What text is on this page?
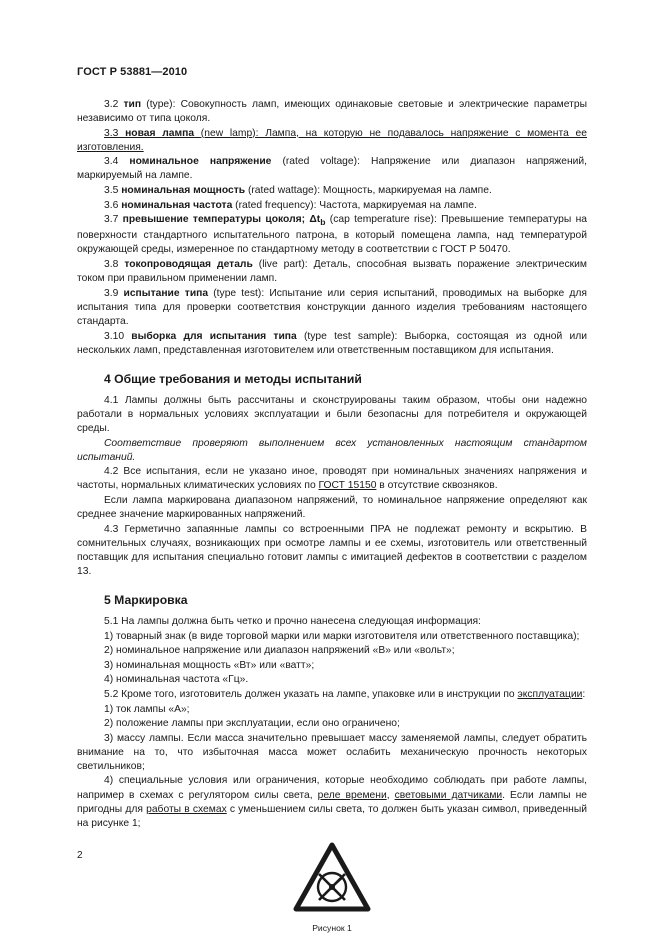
ГОСТ Р 53881—2010

3.2 тип (type): Совокупность ламп, имеющих одинаковые световые и электрические параметры независимо от типа цоколя.

3.3 новая лампа (new lamp): Лампа, на которую не подавалось напряжение с момента ее изготовления.

3.4 номинальное напряжение (rated voltage): Напряжение или диапазон напряжений, маркируемый на лампе.

3.5 номинальная мощность (rated wattage): Мощность, маркируемая на лампе.

3.6 номинальная частота (rated frequency): Частота, маркируемая на лампе.

3.7 превышение температуры цоколя; $\Delta t_b$ (cap temperature rise): Превышение температуры на поверхности стандартного испытательного патрона, в который помещена лампа, над температурой окружающей среды, измеренное по стандартному методу в соответствии с ГОСТ Р 50470.

3.8 токопроводящая деталь (live part): Деталь, способная вызвать поражение электрическим током при правильном применении ламп.

3.9 испытание типа (type test): Испытание или серия испытаний, проводимых на выборке для испытания типа для проверки соответствия конструкции данного изделия требованиям настоящего стандарта.

3.10 выборка для испытания типа (type test sample): Выборка, состоящая из одной или нескольких ламп, представленная изготовителем или ответственным поставщиком для испытания.

4 Общие требования и методы испытаний

4.1 Лампы должны быть рассчитаны и сконструированы таким образом, чтобы они надежно работали в нормальных условиях эксплуатации и были безопасны для потребителя и окружающей среды.

Соответствие проверяют выполнением всех установленных настоящим стандартом испытаний.

4.2 Все испытания, если не указано иное, проводят при номинальных значениях напряжения и частоты, нормальных климатических условиях по ГОСТ 15150 в отсутствие сквозняков.

Если лампа маркирована диапазоном напряжений, то номинальное напряжение определяют как среднее значение маркированных напряжений.

4.3 Герметично запаянные лампы со встроенными ПРА не подлежат ремонту и вскрытию. В сомнительных случаях, возникающих при осмотре лампы и ее схемы, изготовитель или ответственный поставщик для испытания специально готовит лампы с имитацией дефектов в соответствии с разделом 13.

5 Маркировка

5.1 На лампы должна быть четко и прочно нанесена следующая информация:

1) товарный знак (в виде торговой марки или марки изготовителя или ответственного поставщика);

2) номинальное напряжение или диапазон напряжений «В» или «вольт»;

3) номинальная мощность «Вт» или «ватт»;

4) номинальная частота «Гц».

5.2 Кроме того, изготовитель должен указать на лампе, упаковке или в инструкции по эксплуатации:

1) ток лампы «А»;

2) положение лампы при эксплуатации, если оно ограничено;

3) массу лампы. Если масса значительно превышает массу заменяемой лампы, следует обратить внимание на то, что избыточная масса может ослабить механическую прочность некоторых светильников;

4) специальные условия или ограничения, которые необходимо соблюдать при работе лампы, например в схемах с регулятором силы света, реле времени, световыми датчиками. Если лампы не пригодны для работы в схемах с уменьшением силы света, то должен быть указан символ, приведенный на рисунке 1;

Рисунок 1
2
